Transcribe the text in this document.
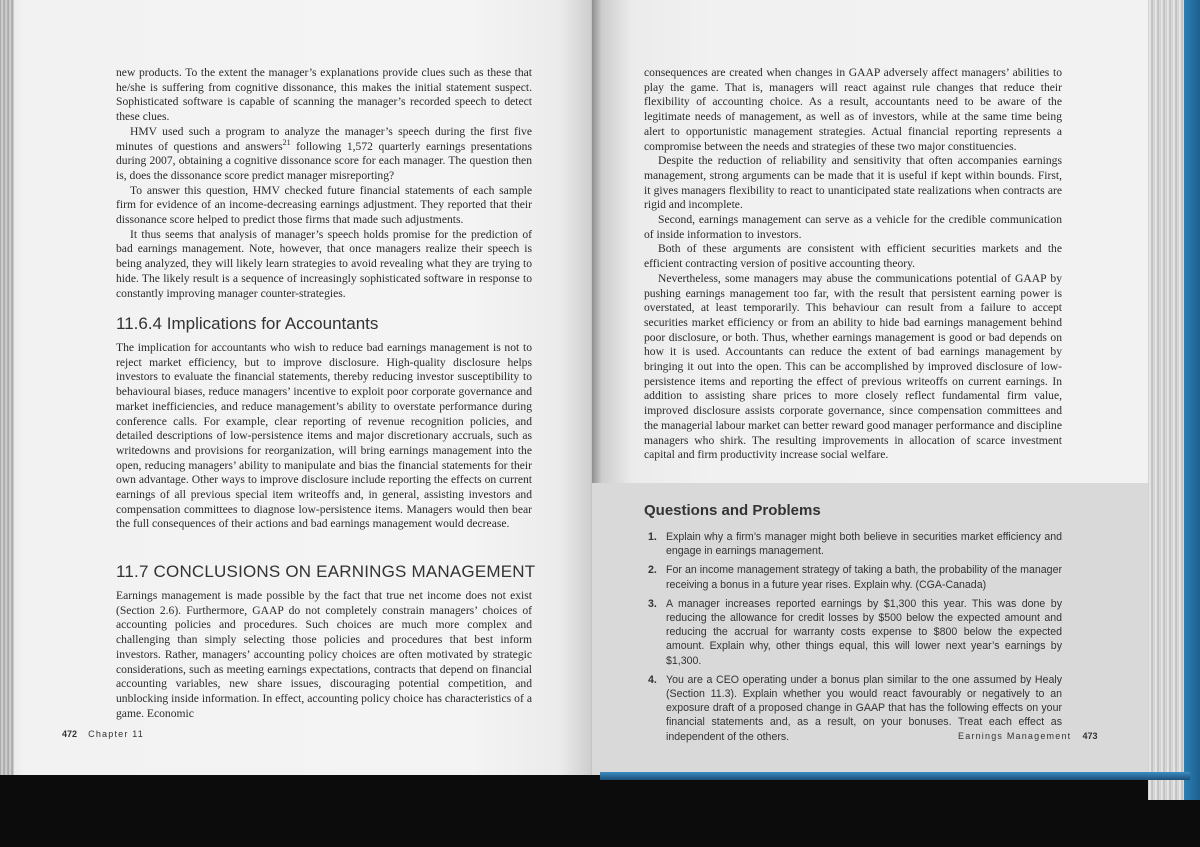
new products. To the extent the manager’s explanations provide clues such as these that he/she is suffering from cognitive dissonance, this makes the initial statement suspect. Sophisticated software is capable of scanning the manager’s recorded speech to detect these clues.

HMV used such a program to analyze the manager’s speech during the first five minutes of questions and answers$^{21}$ following 1,572 quarterly earnings presentations during 2007, obtaining a cognitive dissonance score for each manager. The question then is, does the dissonance score predict manager misreporting?

To answer this question, HMV checked future financial statements of each sample firm for evidence of an income-decreasing earnings adjustment. They reported that their dissonance score helped to predict those firms that made such adjustments.

It thus seems that analysis of manager’s speech holds promise for the prediction of bad earnings management. Note, however, that once managers realize their speech is being analyzed, they will likely learn strategies to avoid revealing what they are trying to hide. The likely result is a sequence of increasingly sophisticated software in response to constantly improving manager counter-strategies.

11.6.4 Implications for Accountants

The implication for accountants who wish to reduce bad earnings management is not to reject market efficiency, but to improve disclosure. High-quality disclosure helps investors to evaluate the financial statements, thereby reducing investor susceptibility to behavioural biases, reduce managers’ incentive to exploit poor corporate governance and market inefficiencies, and reduce management’s ability to overstate performance during conference calls. For example, clear reporting of revenue recognition policies, and detailed descriptions of low-persistence items and major discretionary accruals, such as writedowns and provisions for reorganization, will bring earnings management into the open, reducing managers’ ability to manipulate and bias the financial statements for their own advantage. Other ways to improve disclosure include reporting the effects on current earnings of all previous special item writeoffs and, in general, assisting investors and compensation committees to diagnose low-persistence items. Managers would then bear the full consequences of their actions and bad earnings management would decrease.

11.7 CONCLUSIONS ON EARNINGS MANAGEMENT

Earnings management is made possible by the fact that true net income does not exist (Section 2.6). Furthermore, GAAP do not completely constrain managers’ choices of accounting policies and procedures. Such choices are much more complex and challenging than simply selecting those policies and procedures that best inform investors. Rather, managers’ accounting policy choices are often motivated by strategic considerations, such as meeting earnings expectations, contracts that depend on financial accounting variables, new share issues, discouraging potential competition, and unblocking inside information. In effect, accounting policy choice has characteristics of a game. Economic

472 Chapter 11

consequences are created when changes in GAAP adversely affect managers’ abilities to play the game. That is, managers will react against rule changes that reduce their flexibility of accounting choice. As a result, accountants need to be aware of the legitimate needs of management, as well as of investors, while at the same time being alert to opportunistic management strategies. Actual financial reporting represents a compromise between the needs and strategies of these two major constituencies.

Despite the reduction of reliability and sensitivity that often accompanies earnings management, strong arguments can be made that it is useful if kept within bounds. First, it gives managers flexibility to react to unanticipated state realizations when contracts are rigid and incomplete.

Second, earnings management can serve as a vehicle for the credible communication of inside information to investors.

Both of these arguments are consistent with efficient securities markets and the efficient contracting version of positive accounting theory.

Nevertheless, some managers may abuse the communications potential of GAAP by pushing earnings management too far, with the result that persistent earning power is overstated, at least temporarily. This behaviour can result from a failure to accept securities market efficiency or from an ability to hide bad earnings management behind poor disclosure, or both. Thus, whether earnings management is good or bad depends on how it is used. Accountants can reduce the extent of bad earnings management by bringing it out into the open. This can be accomplished by improved disclosure of low-persistence items and reporting the effect of previous writeoffs on current earnings. In addition to assisting share prices to more closely reflect fundamental firm value, improved disclosure assists corporate governance, since compensation committees and the managerial labour market can better reward good manager performance and discipline managers who shirk. The resulting improvements in allocation of scarce investment capital and firm productivity increase social welfare.

Questions and Problems
1. Explain why a firm’s manager might both believe in securities market efficiency and engage in earnings management.
2. For an income management strategy of taking a bath, the probability of the manager receiving a bonus in a future year rises. Explain why. (CGA-Canada)
3. A manager increases reported earnings by $1,300 this year. This was done by reducing the allowance for credit losses by $500 below the expected amount and reducing the accrual for warranty costs expense to $800 below the expected amount. Explain why, other things equal, this will lower next year’s earnings by $1,300.
4. You are a CEO operating under a bonus plan similar to the one assumed by Healy (Section 11.3). Explain whether you would react favourably or negatively to an exposure draft of a proposed change in GAAP that has the following effects on your financial statements and, as a result, on your bonuses. Treat each effect as independent of the others.	Earnings Management 473
